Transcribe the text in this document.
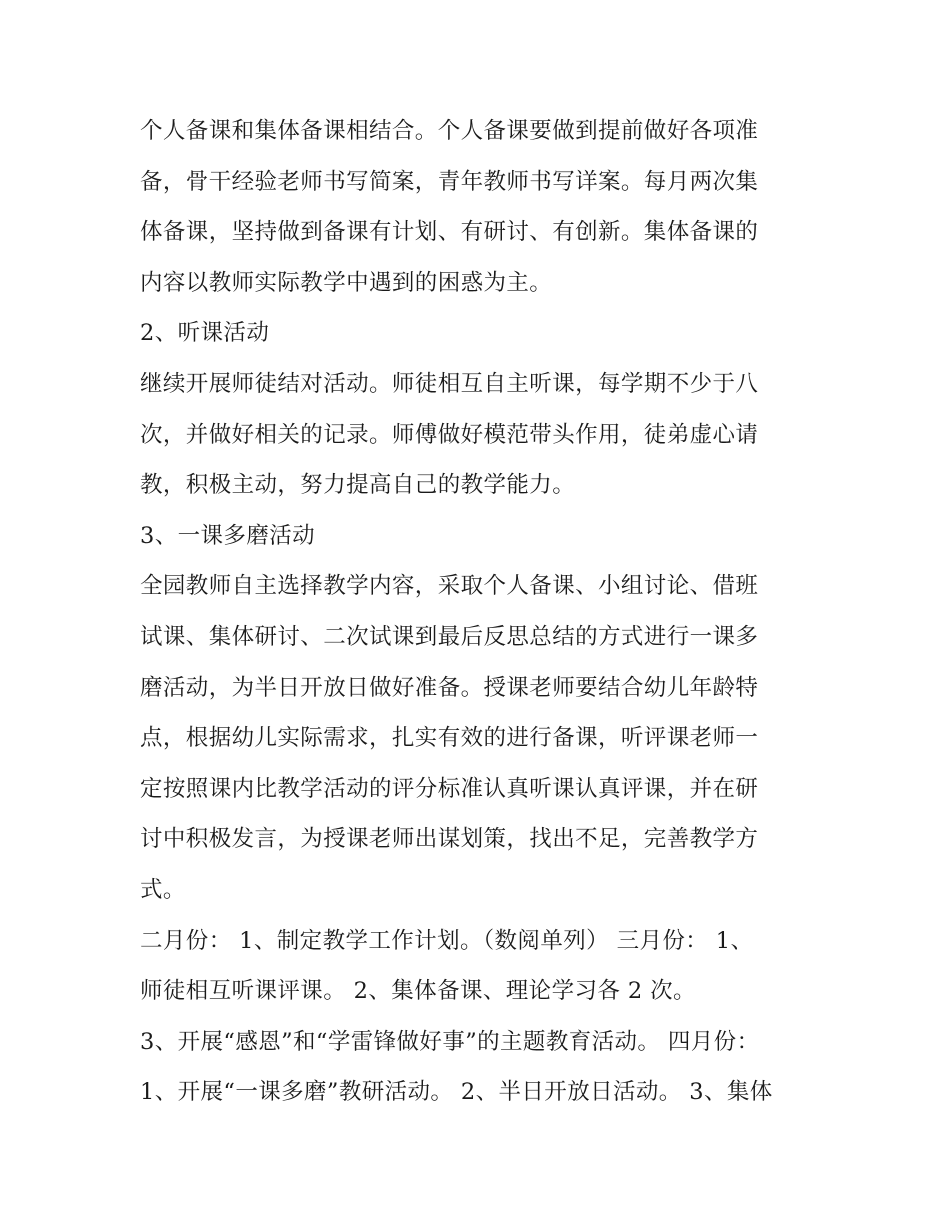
个人备课和集体备课相结合。个人备课要做到提前做好各项准
备，骨干经验老师书写简案，青年教师书写详案。每月两次集
体备课，坚持做到备课有计划、有研讨、有创新。集体备课的
内容以教师实际教学中遇到的困惑为主。
2、听课活动
继续开展师徒结对活动。师徒相互自主听课，每学期不少于八
次，并做好相关的记录。师傅做好模范带头作用，徒弟虚心请
教，积极主动，努力提高自己的教学能力。
3、一课多磨活动
全园教师自主选择教学内容，采取个人备课、小组讨论、借班
试课、集体研讨、二次试课到最后反思总结的方式进行一课多
磨活动，为半日开放日做好准备。授课老师要结合幼儿年龄特
点，根据幼儿实际需求，扎实有效的进行备课，听评课老师一
定按照课内比教学活动的评分标准认真听课认真评课，并在研
讨中积极发言，为授课老师出谋划策，找出不足，完善教学方
式。
二月份： 1、制定教学工作计划。（数阅单列） 三月份： 1、
师徒相互听课评课。 2、集体备课、理论学习各 2 次。
3、开展“感恩”和“学雷锋做好事”的主题教育活动。 四月份：
1、开展“一课多磨”教研活动。 2、半日开放日活动。 3、集体
